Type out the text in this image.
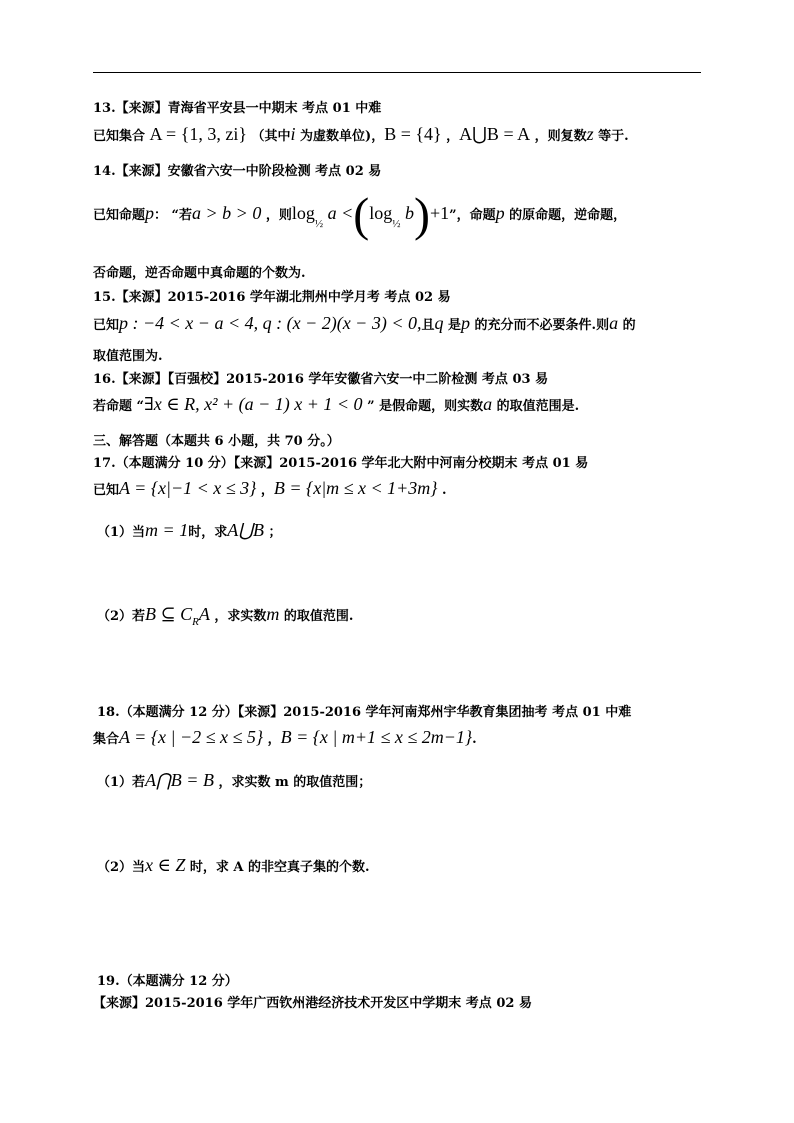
13.【来源】青海省平安县一中期末 考点 01 中难
已知集合 A = {1, 3, zi} （其中i 为虚数单位)，B = {4} ，A⋃B = A ，则复数z 等于.
14.【来源】安徽省六安一中阶段检测 考点 02 易
已知命题p： “若a > b > 0 ，则$\log_{\frac{1}{2}} a <(\log_{\frac{1}{2}}$ b)+1”，命题p 的原命题，逆命题，
否命题，逆否命题中真命题的个数为.
15.【来源】2015-2016 学年湖北荆州中学月考 考点 02 易
已知p : −4 < x − a < 4, q : (x − 2)(x − 3) < 0,且q 是p 的充分而不必要条件.则a 的
取值范围为.
16.【来源】【百强校】2015-2016 学年安徽省六安一中二阶检测 考点 03 易
若命题 “∃x ∈ R, x² + (a − 1) x + 1 < 0 ” 是假命题，则实数a 的取值范围是.
三、解答题（本题共 6 小题，共 70 分。）
17.（本题满分 10 分）【来源】2015-2016 学年北大附中河南分校期末 考点 01 易
已知A = {x|−1 < x ≤ 3} ，B = {x|m ≤ x < 1+3m} .
（1）当m = 1时，求A⋃B ；
（2）若B ⊆ $C_RA$ ，求实数m 的取值范围.
18.（本题满分 12 分）【来源】2015-2016 学年河南郑州宇华教育集团抽考 考点 01 中难
集合A = {x | −2 ≤ x ≤ 5} ，B = {x | m+1 ≤ x ≤ 2m−1}.
（1）若A⋂B = B ，求实数 m 的取值范围；
（2）当x ∈ Z 时，求 A 的非空真子集的个数.
19.（本题满分 12 分）
【来源】2015-2016 学年广西钦州港经济技术开发区中学期末 考点 02 易
